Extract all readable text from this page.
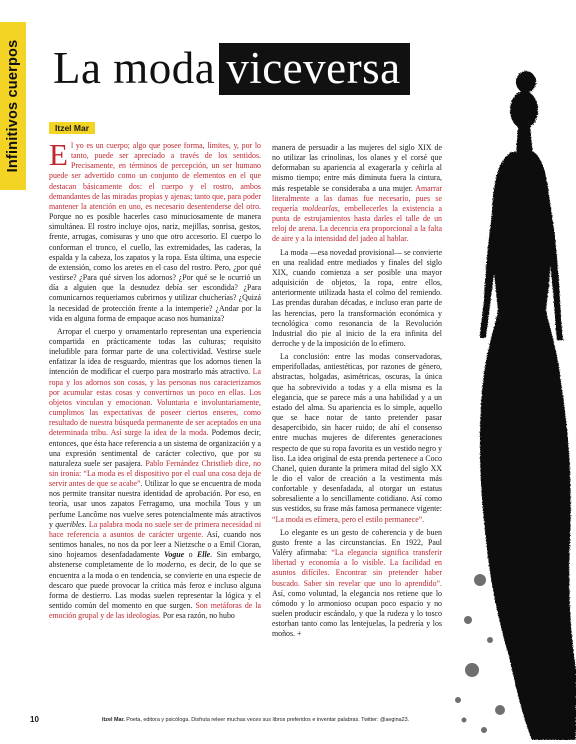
Infinitivos cuerpos La moda viceversa
Itzel Mar

El yo es un cuerpo; algo que posee forma, límites, y, por lo tanto, puede ser apreciado a través de los sentidos. Precisamente, en términos de percepción, un ser humano puede ser advertido como un conjunto de elementos en el que destacan básicamente dos: el cuerpo y el rostro, ambos demandantes de las miradas propias y ajenas; tanto que, para poder mantener la atención en uno, es necesario desentenderse del otro. Porque no es posible hacerles caso minuciosamente de manera simultánea. El rostro incluye ojos, nariz, mejillas, sonrisa, gestos, frente, arrugas, comisuras y uno que otro accesorio. El cuerpo lo conforman el tronco, el cuello, las extremidades, las caderas, la espalda y la cabeza, los zapatos y la ropa. Esta última, una especie de extensión, como los aretes en el caso del rostro. Pero, ¿por qué vestirse? ¿Para qué sirven los adornos? ¿Por qué se le ocurrió un día a alguien que la desnudez debía ser escondida? ¿Para comunicarnos requeriamos cubrirnos y utilizar chucherías? ¿Quizá la necesidad de protección frente a la intemperie? ¿Andar por la vida en alguna forma de empaque acaso nos humaniza?

Arropar el cuerpo y ornamentarlo representan una experiencia compartida en prácticamente todas las culturas; requisito ineludible para formar parte de una colectividad. Vestirse suele enfatizar la idea de resguardo, mientras que los adornos tienen la intención de modificar el cuerpo para mostrarlo más atractivo. La ropa y los adornos son cosas, y las personas nos caracterizamos por acumular estas cosas y convertirnos un poco en ellas. Los objetos vinculan y emocionan. Voluntaria e involuntariamente, cumplimos las expectativas de poseer ciertos enseres, como resultado de nuestra búsqueda permanente de ser aceptados en una determinada tribu. Así surge la idea de la moda. Podemos decir, entonces, que ésta hace referencia a un sistema de organización y a una expresión sentimental de carácter colectivo, que por su naturaleza suele ser pasajera. Pablo Fernández Christlieb dice, no sin ironía: “La moda es el dispositivo por el cual una cosa deja de servir antes de que se acabe”. Utilizar lo que se encuentra de moda nos permite transitar nuestra identidad de aprobación. Por eso, en teoría, usar unos zapatos Ferragamo, una mochila Tous y un perfume Lancôme nos vuelve seres potencialmente más atractivos y queribles. La palabra moda no suele ser de primera necesidad ni hace referencia a asuntos de carácter urgente. Así, cuando nos sentimos banales, no nos da por leer a Nietzsche o a Emil Cioran, sino hojeamos desenfadadamente Vogue o Elle. Sin embargo, abstenerse completamente de lo moderno, es decir, de lo que se encuentra a la moda o en tendencia, se convierte en una especie de descaro que puede provocar la crítica más feroz e incluso alguna forma de destierro. Las modas suelen representar la lógica y el sentido común del momento en que surgen. Son metáforas de la emoción grupal y de las ideologías. Por esa razón, no hubo

manera de persuadir a las mujeres del siglo XIX de no utilizar las crinolinas, los olanes y el corsé que deformaban su apariencia al exagerarla y ceñirla al mismo tiempo; entre más diminuta fuera la cintura, más respetable se consideraba a una mujer. Amarrar literalmente a las damas fue necesario, pues se requería moldearlas, embellecerles la existencia a punta de estrujamientos hasta darles el talle de un reloj de arena. La decencia era proporcional a la falta de aire y a la intensidad del jadeo al hablar.

La moda —esa novedad provisional— se convierte en una realidad entre mediados y finales del siglo XIX, cuando comienza a ser posible una mayor adquisición de objetos, la ropa, entre ellos, anteriormente utilizada hasta el colmo del remiendo. Las prendas duraban décadas, e incluso eran parte de las herencias, pero la transformación económica y tecnológica como resonancia de la Revolución Industrial dio pie al inicio de la era infinita del derroche y de la imposición de lo efímero.

La conclusión: entre las modas conservadoras, emperifolladas, antiestéticas, por razones de género, abstractas, holgadas, asimétricas, oscuras, la única que ha sobrevivido a todas y a ella misma es la elegancia, que se parece más a una habilidad y a un estado del alma. Su apariencia es lo simple, aquello que se hace notar de tanto pretender pasar desapercibido, sin hacer ruido; de ahí el consenso entre muchas mujeres de diferentes generaciones respecto de que su ropa favorita es un vestido negro y liso. La idea original de esta prenda pertenece a Coco Chanel, quien durante la primera mitad del siglo XX le dio el valor de creación a la vestimenta más confortable y desenfadada, al otorgar un estatus sobresaliente a lo sencillamente cotidiano. Así como sus vestidos, su frase más famosa permanece vigente: “La moda es efímera, pero el estilo permanece”.

Lo elegante es un gesto de coherencia y de buen gusto frente a las circunstancias. En 1922, Paul Valéry afirmaba: “La elegancia significa transferir libertad y economía a lo visible. La facilidad en asuntos difíciles. Encontrar sin pretender haber buscado. Saber sin revelar que uno lo aprendido”. Así, como voluntad, la elegancia nos retiene que lo cómodo y lo armonioso ocupan poco espacio y no suelen producir escándalo, y que la rudeza y lo tosco estorban tanto como las lentejuelas, la pedrería y los moños. +

10	Itzel Mar. Poeta, editora y psicóloga. Disfruta releer muchas veces sus libros preferidos e inventar palabras. Twitter: @aegina23.
